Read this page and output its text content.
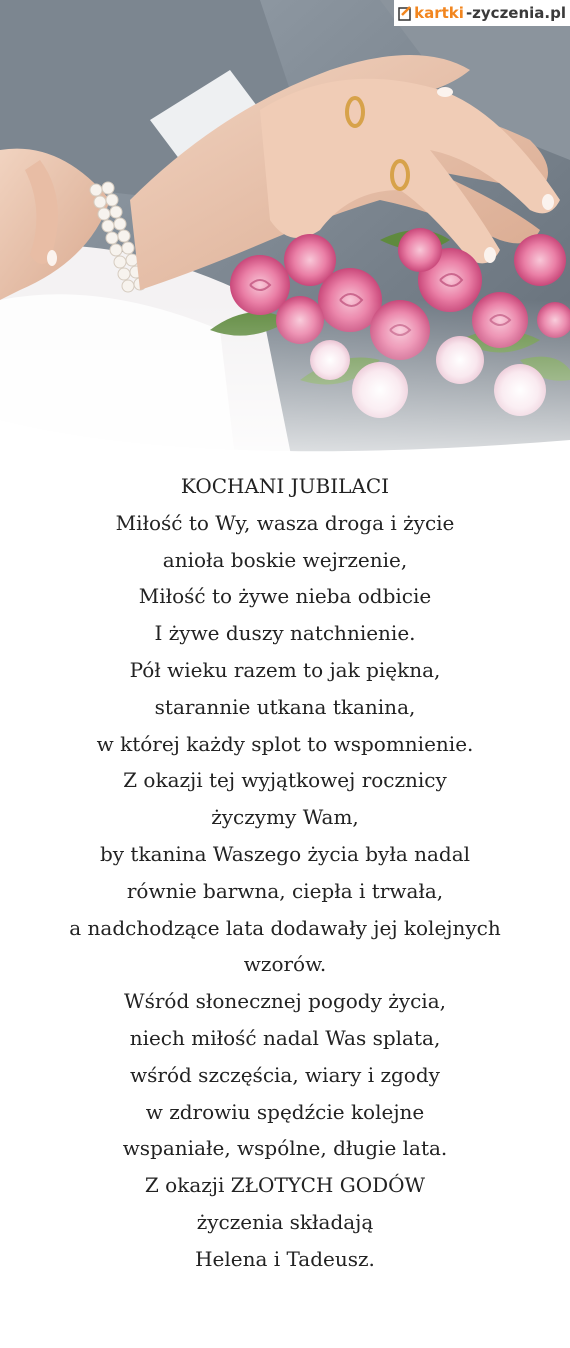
kartki -zyczenia.pl
KOCHANI JUBILACI
Miłość to Wy, wasza droga i życie
anioła boskie wejrzenie,
Miłość to żywe nieba odbicie
I żywe duszy natchnienie.
Pół wieku razem to jak piękna,
starannie utkana tkanina,
w której każdy splot to wspomnienie.
Z okazji tej wyjątkowej rocznicy
życzymy Wam,
by tkanina Waszego życia była nadal
równie barwna, ciepła i trwała,
a nadchodzące lata dodawały jej kolejnych
wzorów.
Wśród słonecznej pogody życia,
niech miłość nadal Was splata,
wśród szczęścia, wiary i zgody
w zdrowiu spędźcie kolejne
wspaniałe, wspólne, długie lata.
Z okazji ZŁOTYCH GODÓW
życzenia składają
Helena i Tadeusz.
